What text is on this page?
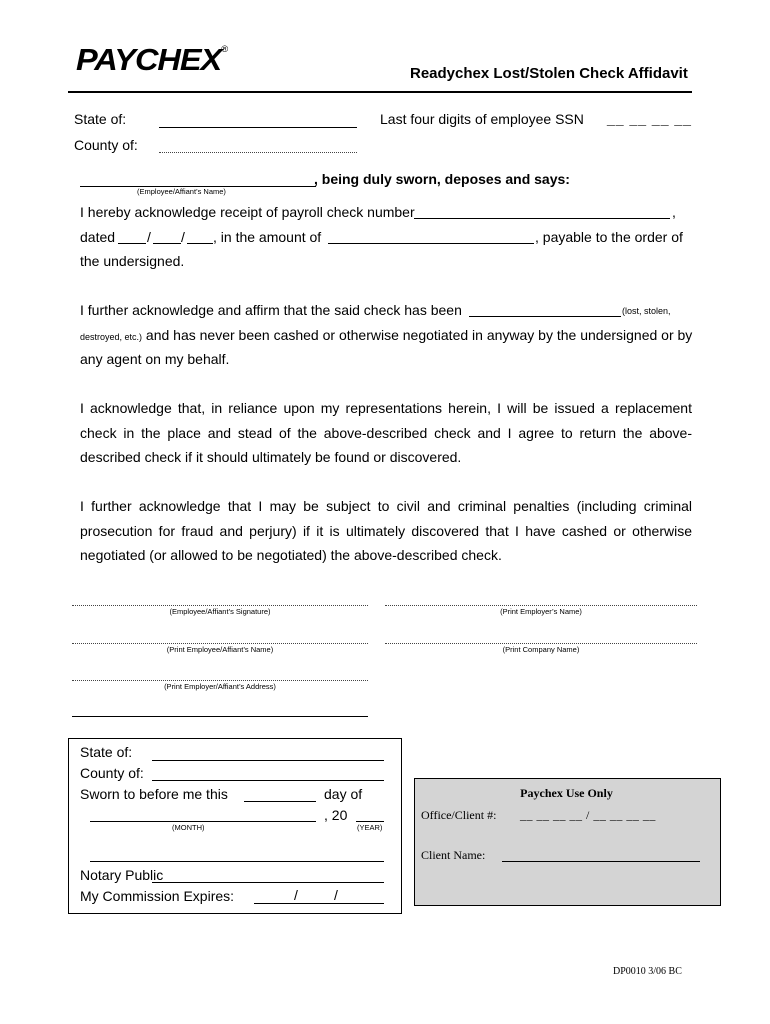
PAYCHEX®
Readychex Lost/Stolen Check Affidavit
State of:	Last four digits of employee SSN __ __ __ __
County of:
, being duly sworn, deposes and says:
(Employee/Affiant’s Name)
I hereby acknowledge receipt of payroll check number	,
dated / / , in the amount of	, payable to the order of
the undersigned.
I further acknowledge and affirm that the said check has been	(lost, stolen,
destroyed, etc.) and has never been cashed or otherwise negotiated in anyway by the undersigned or by
any agent on my behalf.
I acknowledge that, in reliance upon my representations herein, I will be issued a replacement
check in the place and stead of the above-described check and I agree to return the above-
described check if it should ultimately be found or discovered.
I further acknowledge that I may be subject to civil and criminal penalties (including criminal
prosecution for fraud and perjury) if it is ultimately discovered that I have cashed or otherwise
negotiated (or allowed to be negotiated) the above-described check.
(Employee/Affiant’s Signature)	(Print Employer’s Name)
(Print Employee/Affiant’s Name)	(Print Company Name)
(Print Employer/Affiant’s Address)
State of:
County of:
Sworn to before me this	day of
, 20
(MONTH)	(YEAR)
Notary Public
My Commission Expires:	/	/
Paychex Use Only
Office/Client #: __ __ __ __ / __ __ __ __
Client Name:
DP0010 3/06 BC
